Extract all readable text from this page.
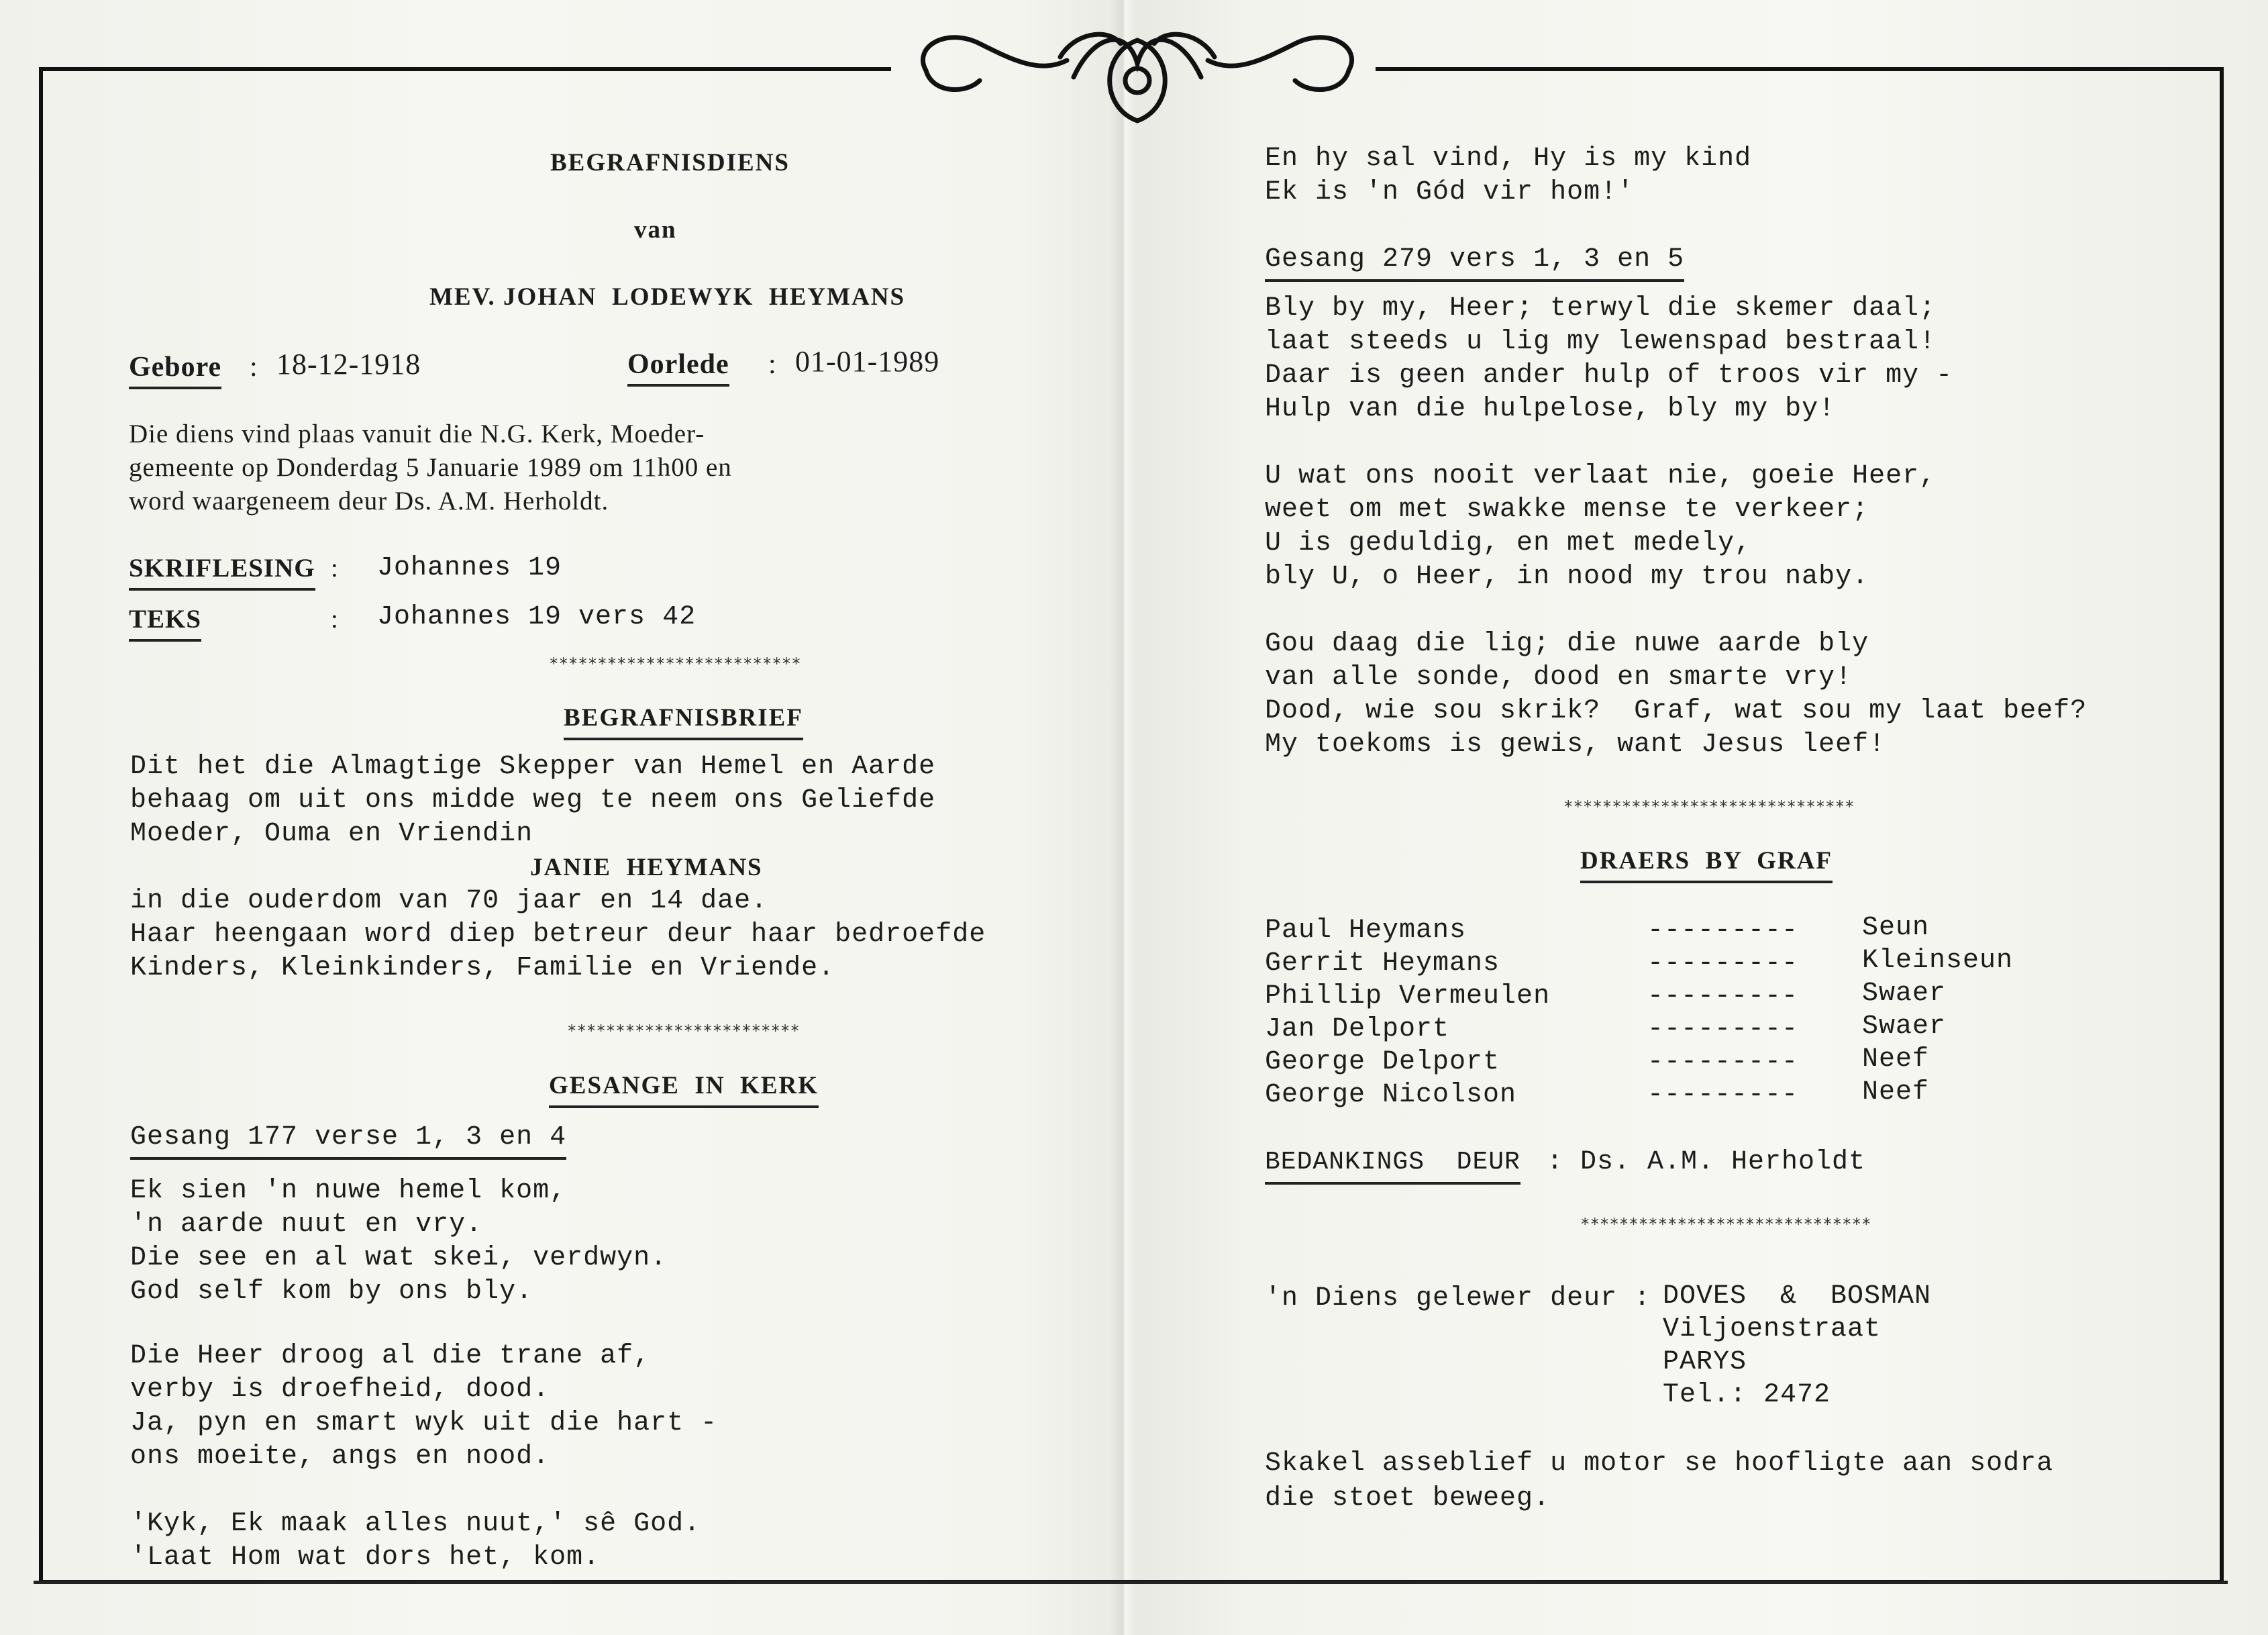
BEGRAFNISDIENS
van
MEV. JOHAN  LODEWYK  HEYMANS
Gebore : 18-12-1918	Oorlede : 01-01-1989
Die diens vind plaas vanuit die N.G. Kerk, Moeder-
gemeente op Donderdag 5 Januarie 1989 om 11h00 en
word waargeneem deur Ds. A.M. Herholdt.
SKRIFLESING : Johannes 19
TEKS	: Johannes 19 vers 42
**************************
BEGRAFNISBRIEF
Dit het die Almagtige Skepper van Hemel en Aarde
behaag om uit ons midde weg te neem ons Geliefde
Moeder, Ouma en Vriendin
JANIE  HEYMANS
in die ouderdom van 70 jaar en 14 dae.
Haar heengaan word diep betreur deur haar bedroefde
Kinders, Kleinkinders, Familie en Vriende.
************************
GESANGE  IN  KERK
Gesang 177 verse 1, 3 en 4
Ek sien 'n nuwe hemel kom,
'n aarde nuut en vry.
Die see en al wat skei, verdwyn.
God self kom by ons bly.
Die Heer droog al die trane af,
verby is droefheid, dood.
Ja, pyn en smart wyk uit die hart -
ons moeite, angs en nood.
'Kyk, Ek maak alles nuut,' sê God.
'Laat Hom wat dors het, kom.
En hy sal vind, Hy is my kind
Ek is 'n Gód vir hom!'
Gesang 279 vers 1, 3 en 5
Bly by my, Heer; terwyl die skemer daal;
laat steeds u lig my lewenspad bestraal!
Daar is geen ander hulp of troos vir my -
Hulp van die hulpelose, bly my by!
U wat ons nooit verlaat nie, goeie Heer,
weet om met swakke mense te verkeer;
U is geduldig, en met medely,
bly U, o Heer, in nood my trou naby.
Gou daag die lig; die nuwe aarde bly
van alle sonde, dood en smarte vry!
Dood, wie sou skrik?  Graf, wat sou my laat beef?
My toekoms is gewis, want Jesus leef!
******************************
DRAERS  BY  GRAF
Paul Heymans	--------- Seun
Gerrit Heymans	--------- Kleinseun
Phillip Vermeulen	--------- Swaer
Jan Delport	--------- Swaer
George Delport	--------- Neef
George Nicolson	--------- Neef
BEDANKINGS  DEUR : Ds. A.M. Herholdt
******************************
'n Diens gelewer deur : DOVES  &  BOSMAN
Viljoenstraat
PARYS
Tel.: 2472
Skakel asseblief u motor se hoofligte aan sodra
die stoet beweeg.
